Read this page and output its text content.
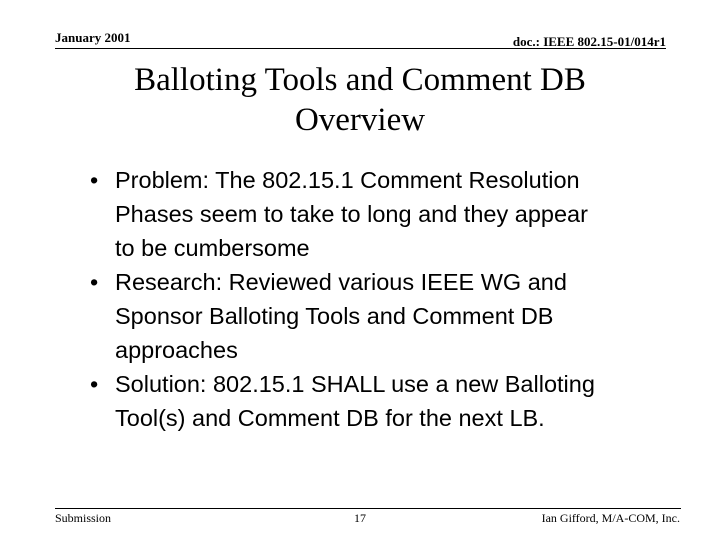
January 2001	doc.: IEEE 802.15-01/014r1
Balloting Tools and Comment DB
Overview
• Problem: The 802.15.1 Comment Resolution
Phases seem to take to long and they appear
to be cumbersome
• Research: Reviewed various IEEE WG and
Sponsor Balloting Tools and Comment DB
approaches
• Solution: 802.15.1 SHALL use a new Balloting
Tool(s) and Comment DB for the next LB.
Submission	17	Ian Gifford, M/A-COM, Inc.
